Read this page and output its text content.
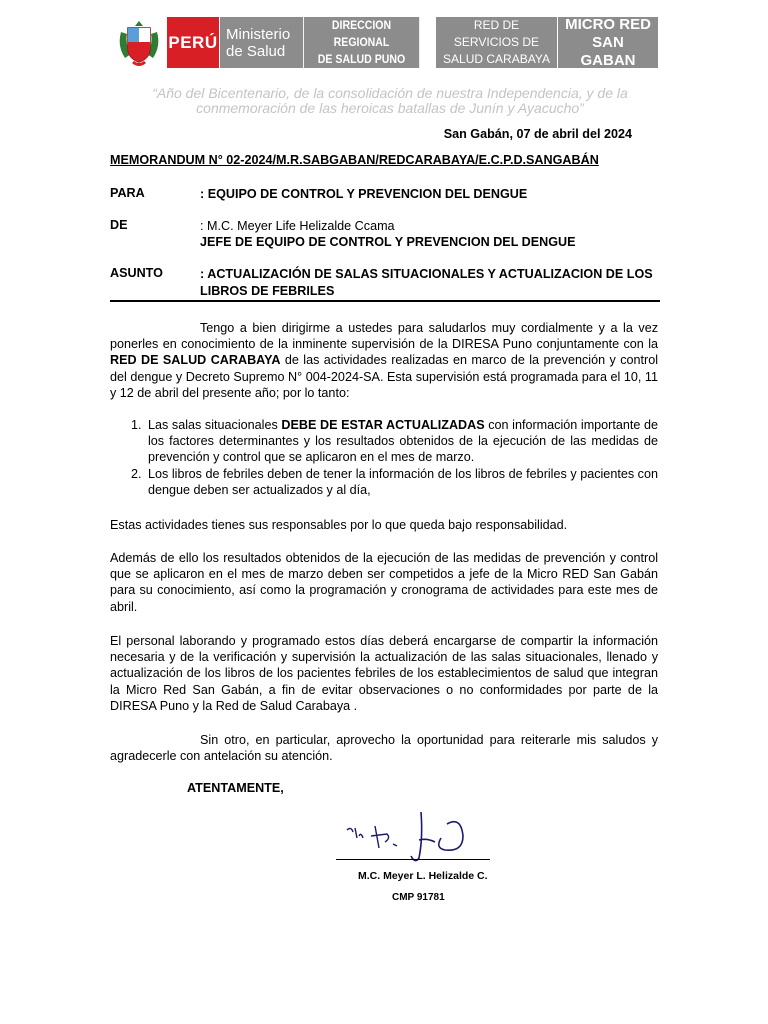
PERÚ Ministerio
de Salud
DIRECCION REGIONAL
DE SALUD PUNO
RED DE SERVICIOS DE
SALUD CARABAYA
MICRO RED
SAN GABAN
“Año del Bicentenario, de la consolidación de nuestra Independencia, y de la conmemoración de las heroicas batallas de Junín y Ayacucho”
San Gabán, 07 de abril del 2024
MEMORANDUM N° 02-2024/M.R.SABGABAN/REDCARABAYA/E.C.P.D.SANGABÁN
PARA	: EQUIPO DE CONTROL Y PREVENCION DEL DENGUE
DE	: M.C. Meyer Life Helizalde Ccama
JEFE DE EQUIPO DE CONTROL Y PREVENCION DEL DENGUE
ASUNTO	: ACTUALIZACIÓN DE SALAS SITUACIONALES Y ACTUALIZACION DE LOS LIBROS DE FEBRILES
Tengo a bien dirigirme a ustedes para saludarlos muy cordialmente y a la vez ponerles en conocimiento de la inminente supervisión de la DIRESA Puno conjuntamente con la RED DE SALUD CARABAYA de las actividades realizadas en marco de la prevención y control del dengue y Decreto Supremo N° 004-2024-SA. Esta supervisión está programada para el 10, 11 y 12 de abril del presente año; por lo tanto:
1. Las salas situacionales DEBE DE ESTAR ACTUALIZADAS con información importante de los factores determinantes y los resultados obtenidos de la ejecución de las medidas de prevención y control que se aplicaron en el mes de marzo.
2. Los libros de febriles deben de tener la información de los libros de febriles y pacientes con dengue deben ser actualizados y al día,
Estas actividades tienes sus responsables por lo que queda bajo responsabilidad.
Además de ello los resultados obtenidos de la ejecución de las medidas de prevención y control que se aplicaron en el mes de marzo deben ser competidos a jefe de la Micro RED San Gabán para su conocimiento, así como la programación y cronograma de actividades para este mes de abril.
El personal laborando y programado estos días deberá encargarse de compartir la información necesaria y de la verificación y supervisión la actualización de las salas situacionales, llenado y actualización de los libros de los pacientes febriles de los establecimientos de salud que integran la Micro Red San Gabán, a fin de evitar observaciones o no conformidades por parte de la DIRESA Puno y la Red de Salud Carabaya .
Sin otro, en particular, aprovecho la oportunidad para reiterarle mis saludos y agradecerle con antelación su atención.
ATENTAMENTE,
M.C. Meyer L. Helizalde C.
CMP 91781
